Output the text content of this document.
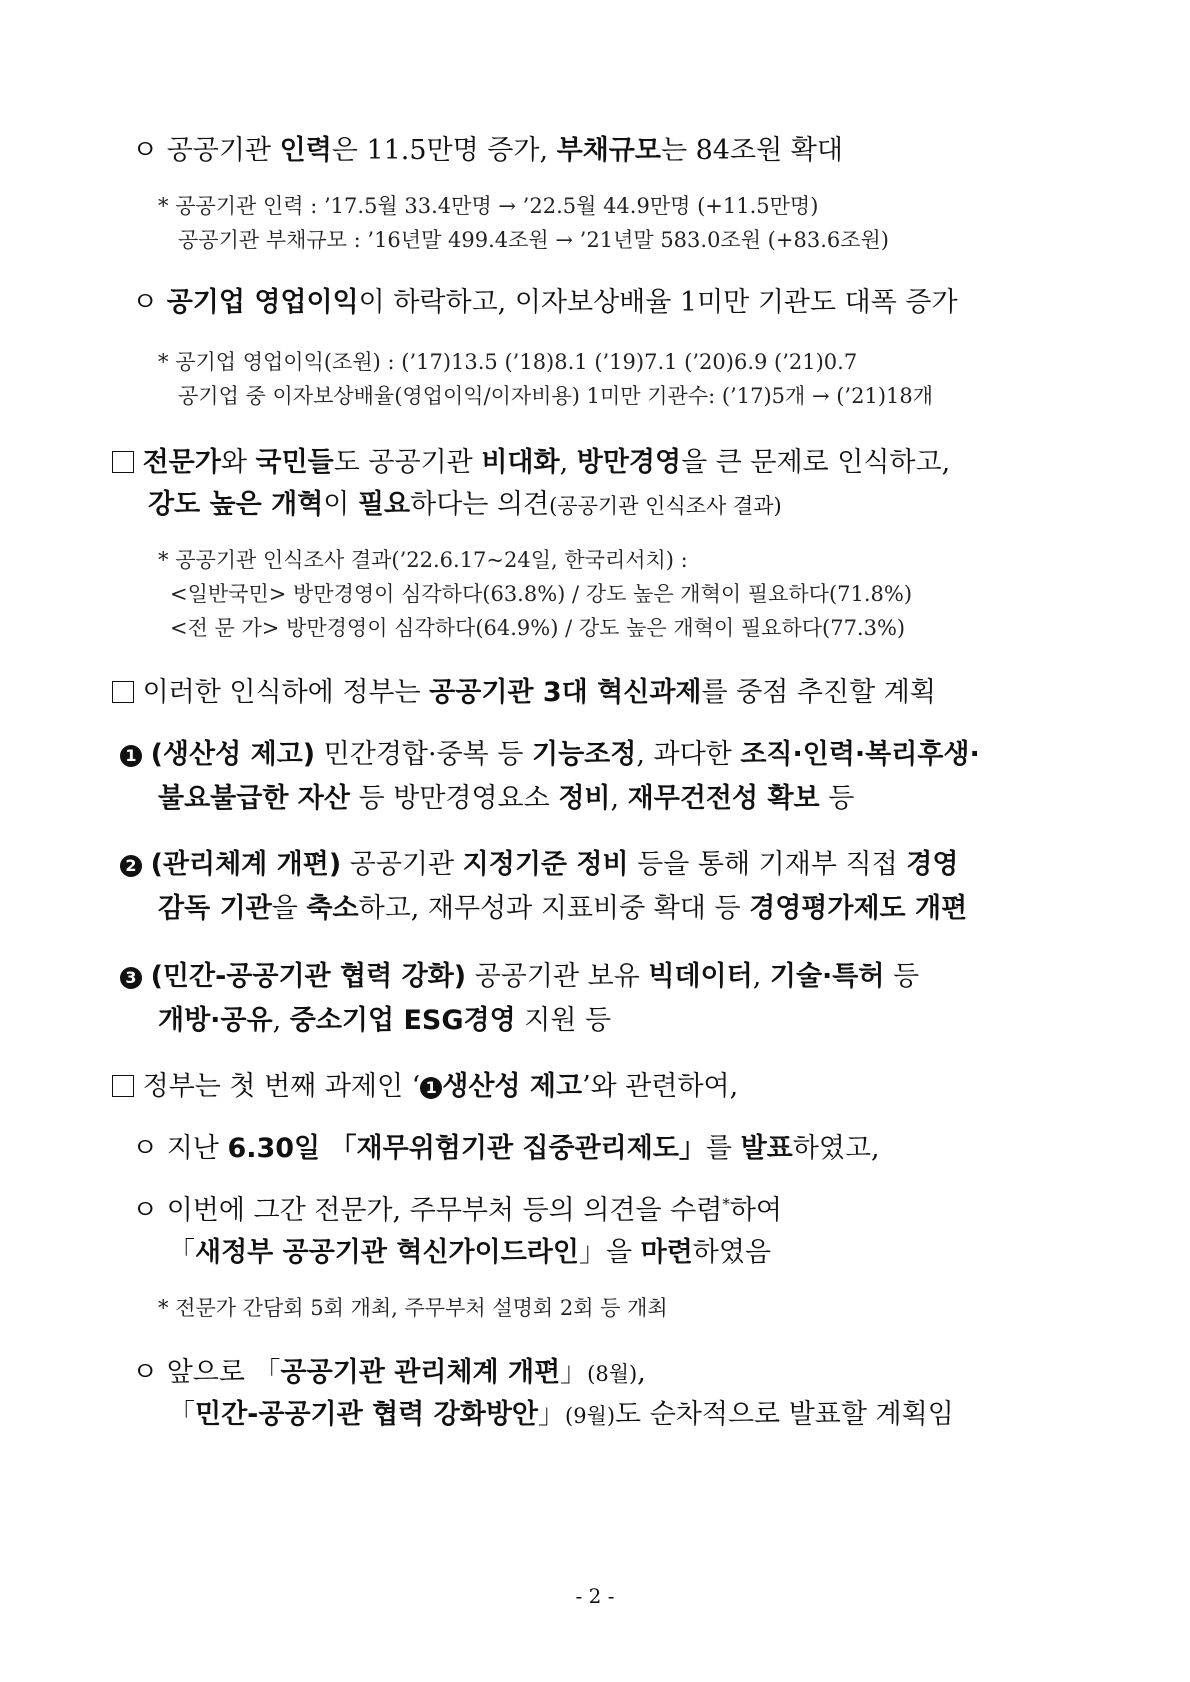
ㅇ 공공기관 인력은 11.5만명 증가, 부채규모는 84조원 확대
* 공공기관 인력 : ’17.5월 33.4만명 → ’22.5월 44.9만명 (+11.5만명)
공공기관 부채규모 : ’16년말 499.4조원 → ’21년말 583.0조원 (+83.6조원)
ㅇ 공기업 영업이익이 하락하고, 이자보상배율 1미만 기관도 대폭 증가
* 공기업 영업이익(조원) : (’17)13.5 (’18)8.1 (’19)7.1 (’20)6.9 (’21)0.7
공기업 중 이자보상배율(영업이익/이자비용) 1미만 기관수: (’17)5개 → (’21)18개
전문가와 국민들도 공공기관 비대화, 방만경영을 큰 문제로 인식하고,
강도 높은 개혁이 필요하다는 의견(공공기관 인식조사 결과)
* 공공기관 인식조사 결과(’22.6.17~24일, 한국리서치) :
<일반국민> 방만경영이 심각하다(63.8%) / 강도 높은 개혁이 필요하다(71.8%)
<전 문 가> 방만경영이 심각하다(64.9%) / 강도 높은 개혁이 필요하다(77.3%)
이러한 인식하에 정부는 공공기관 3대 혁신과제를 중점 추진할 계획
1 (생산성 제고) 민간경합·중복 등 기능조정, 과다한 조직·인력·복리후생·
불요불급한 자산 등 방만경영요소 정비, 재무건전성 확보 등
2 (관리체계 개편) 공공기관 지정기준 정비 등을 통해 기재부 직접 경영
감독 기관을 축소하고, 재무성과 지표비중 확대 등 경영평가제도 개편
3 (민간-공공기관 협력 강화) 공공기관 보유 빅데이터, 기술·특허 등
개방·공유, 중소기업 ESG경영 지원 등
정부는 첫 번째 과제인 ‘ 1 생산성 제고’와 관련하여,
ㅇ 지난 6.30일 「재무위험기관 집중관리제도」를 발표하였고,
ㅇ 이번에 그간 전문가, 주무부처 등의 의견을 수렴*하여
「새정부 공공기관 혁신가이드라인」을 마련하였음
* 전문가 간담회 5회 개최, 주무부처 설명회 2회 등 개최
ㅇ 앞으로 「공공기관 관리체계 개편」(8월),
「민간-공공기관 협력 강화방안」(9월)도 순차적으로 발표할 계획임
- 2 -
